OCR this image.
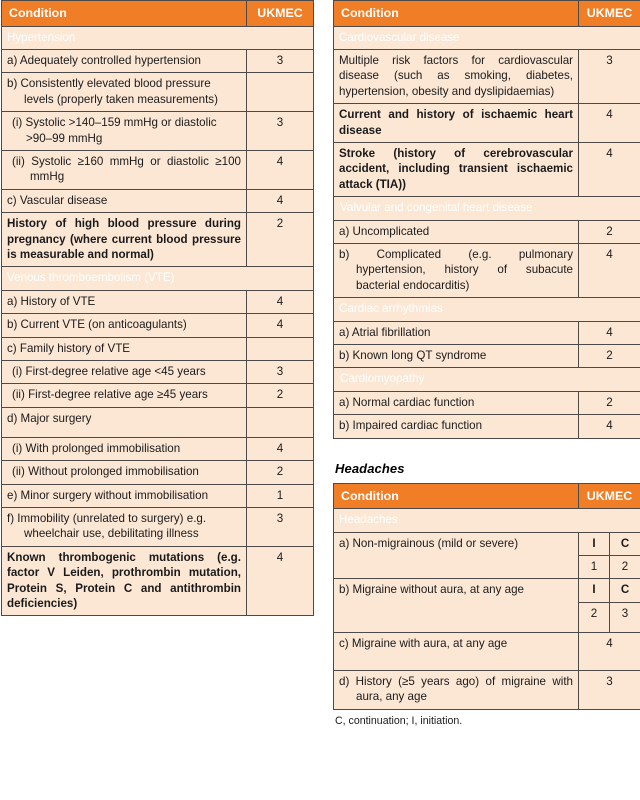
Condition	UKMEC
Hypertension	
a) Adequately controlled hypertension	3
b) Consistently elevated blood pressure levels (properly taken measurements)	
(i) Systolic >140–159 mmHg or diastolic >90–99 mmHg	3
(ii) Systolic ≥160 mmHg or diastolic ≥100 mmHg	4
c) Vascular disease	4
History of high blood pressure during pregnancy (where current blood pressure is measurable and normal)	2
Venous thromboembolism (VTE)	
a) History of VTE	4
b) Current VTE (on anticoagulants)	4
c) Family history of VTE	
(i) First-degree relative age <45 years	3
(ii) First-degree relative age ≥45 years	2
d) Major surgery	
(i) With prolonged immobilisation	4
(ii) Without prolonged immobilisation	2
e) Minor surgery without immobilisation	1
f) Immobility (unrelated to surgery) e.g. wheelchair use, debilitating illness	3
Known thrombogenic mutations (e.g. factor V Leiden, prothrombin mutation, Protein S, Protein C and antithrombin deficiencies)	4
Condition	UKMEC
Cardiovascular disease	
Multiple risk factors for cardiovascular disease (such as smoking, diabetes, hypertension, obesity and dyslipidaemias)	3
Current and history of ischaemic heart disease	4
Stroke (history of cerebrovascular accident, including transient ischaemic attack (TIA))	4
Valvular and congenital heart disease	
a) Uncomplicated	2
b) Complicated (e.g. pulmonary hypertension, history of subacute bacterial endocarditis)	4
Cardiac arrhythmias	
a) Atrial fibrillation	4
b) Known long QT syndrome	2
Cardiomyopathy	
a) Normal cardiac function	2
b) Impaired cardiac function	4
Headaches
Condition	UKMEC	
Headaches		
a) Non-migrainous (mild or severe)	I	C
	1	2
b) Migraine without aura, at any age	I	C
	2	3
c) Migraine with aura, at any age	4	
d) History (≥5 years ago) of migraine with aura, any age	3	
C, continuation; I, initiation.
